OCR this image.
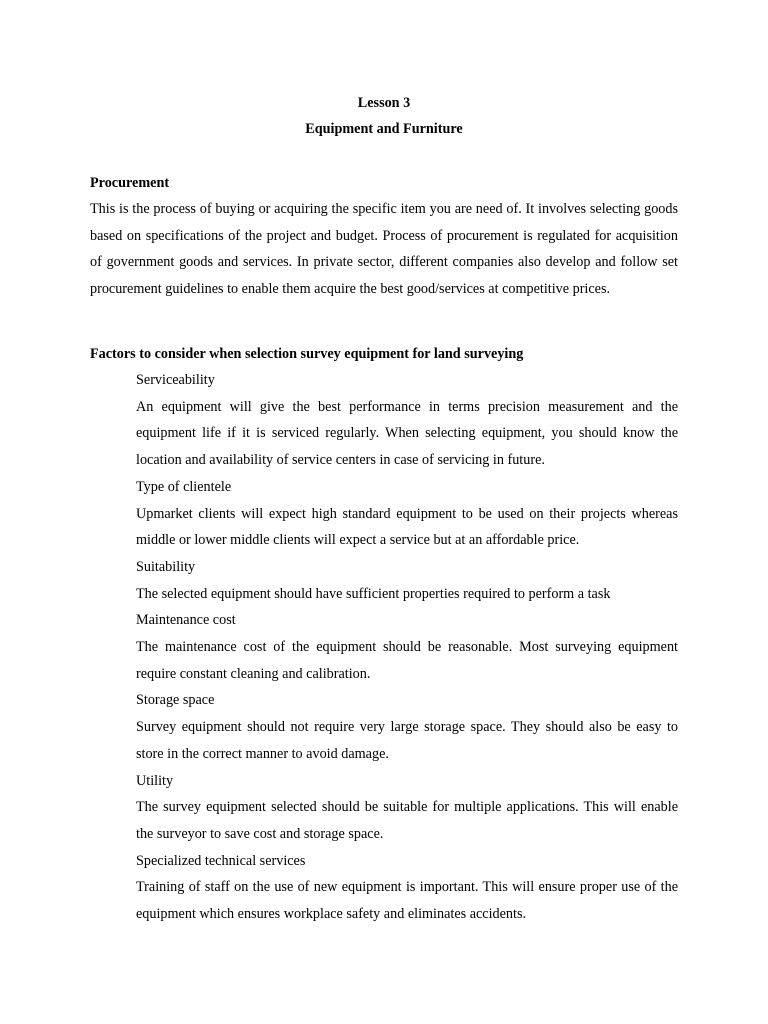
Lesson 3
Equipment and Furniture
Procurement

This is the process of buying or acquiring the specific item you are need of. It involves selecting goods based on specifications of the project and budget. Process of procurement is regulated for acquisition of government goods and services. In private sector, different companies also develop and follow set procurement guidelines to enable them acquire the best good/services at competitive prices.

Factors to consider when selection survey equipment for land surveying
Serviceability

An equipment will give the best performance in terms precision measurement and the equipment life if it is serviced regularly. When selecting equipment, you should know the location and availability of service centers in case of servicing in future.

Type of clientele

Upmarket clients will expect high standard equipment to be used on their projects whereas middle or lower middle clients will expect a service but at an affordable price.

Suitability

The selected equipment should have sufficient properties required to perform a task

Maintenance cost

The maintenance cost of the equipment should be reasonable. Most surveying equipment require constant cleaning and calibration.

Storage space

Survey equipment should not require very large storage space. They should also be easy to store in the correct manner to avoid damage.

Utility

The survey equipment selected should be suitable for multiple applications. This will enable the surveyor to save cost and storage space.

Specialized technical services

Training of staff on the use of new equipment is important. This will ensure proper use of the equipment which ensures workplace safety and eliminates accidents.
